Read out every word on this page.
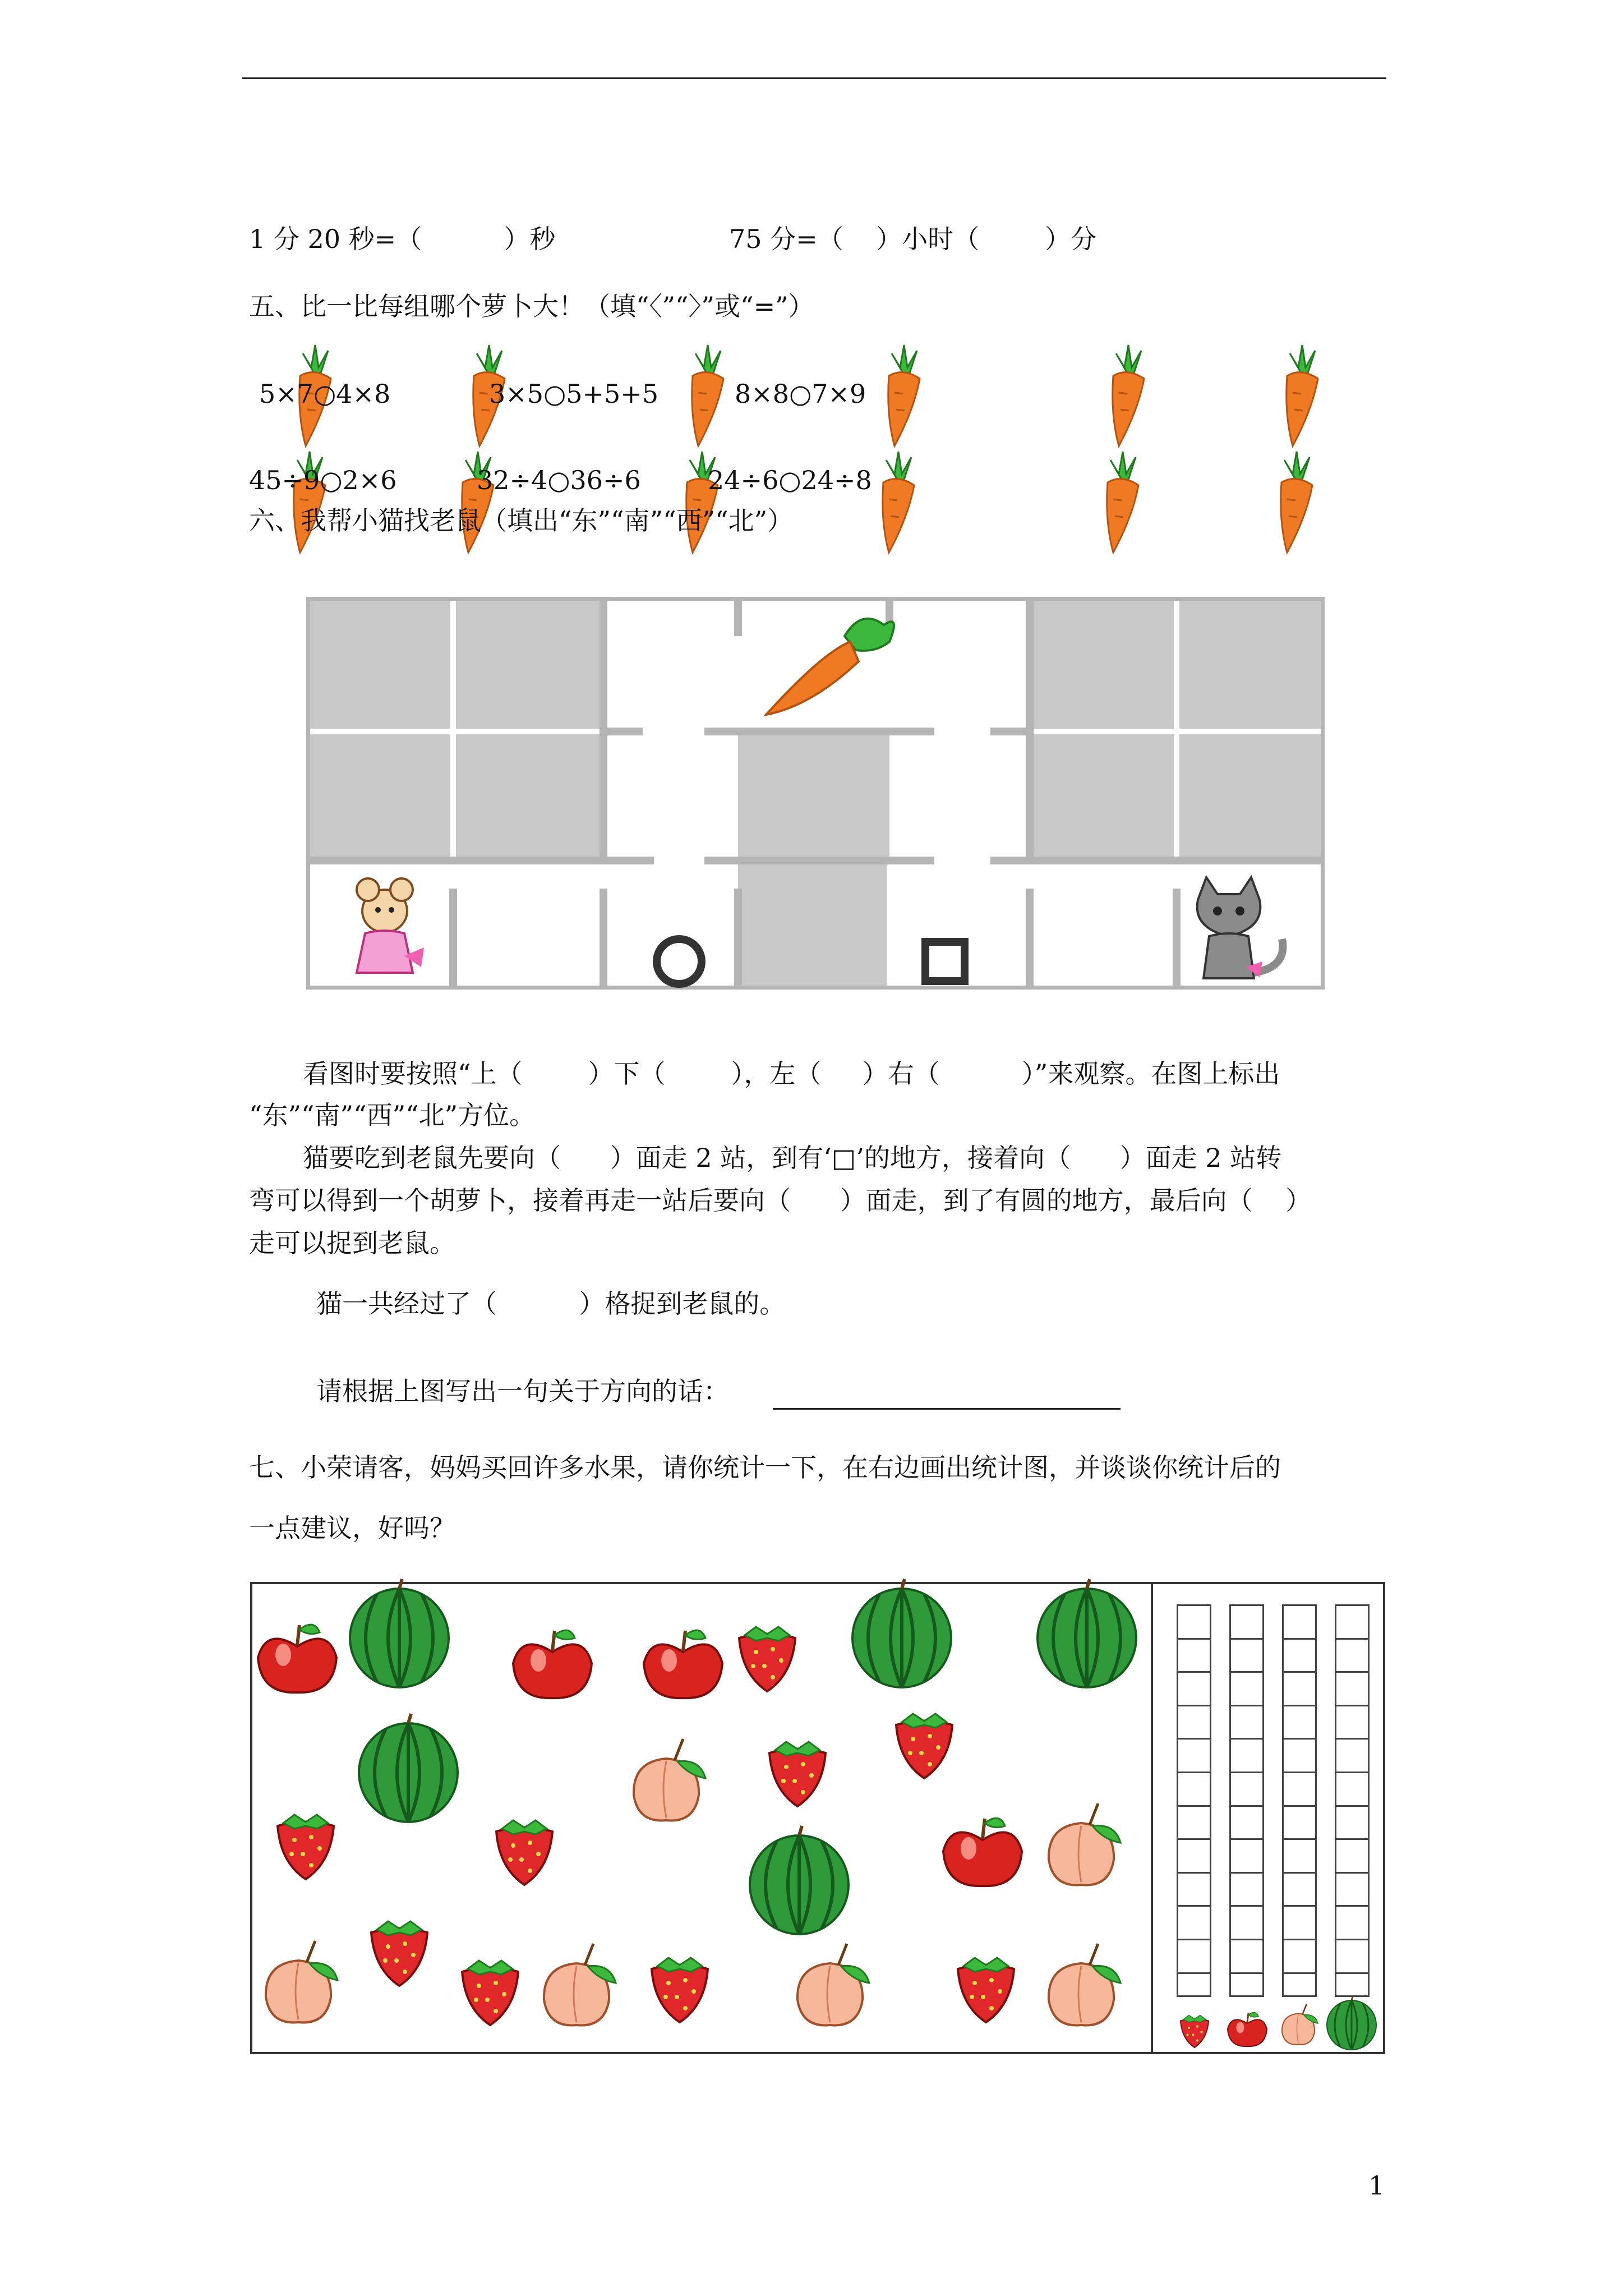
1 分 20 秒=（          ）秒	75 分=（    ）小时（        ）分
五、比一比每组哪个萝卜大！（填“〈”“〉”或“=”）
5×7○4×8	3×5○5+5+5	8×8○7×9
45÷9○2×6	32÷4○36÷6	24÷6○24÷8
六、我帮小猫找老鼠（填出“东”“南”“西”“北”）
看图时要按照“上（        ）下（        ），左（     ）右（          ）”来观察。在图上标出
“东”“南”“西”“北”方位。
猫要吃到老鼠先要向（      ）面走 2 站，到有‘□’的地方，接着向（      ）面走 2 站转
弯可以得到一个胡萝卜，接着再走一站后要向（      ）面走，到了有圆的地方，最后向（    ）
走可以捉到老鼠。
猫一共经过了（          ）格捉到老鼠的。
请根据上图写出一句关于方向的话：
七、小荣请客，妈妈买回许多水果，请你统计一下，在右边画出统计图，并谈谈你统计后的
一点建议，好吗？
1
